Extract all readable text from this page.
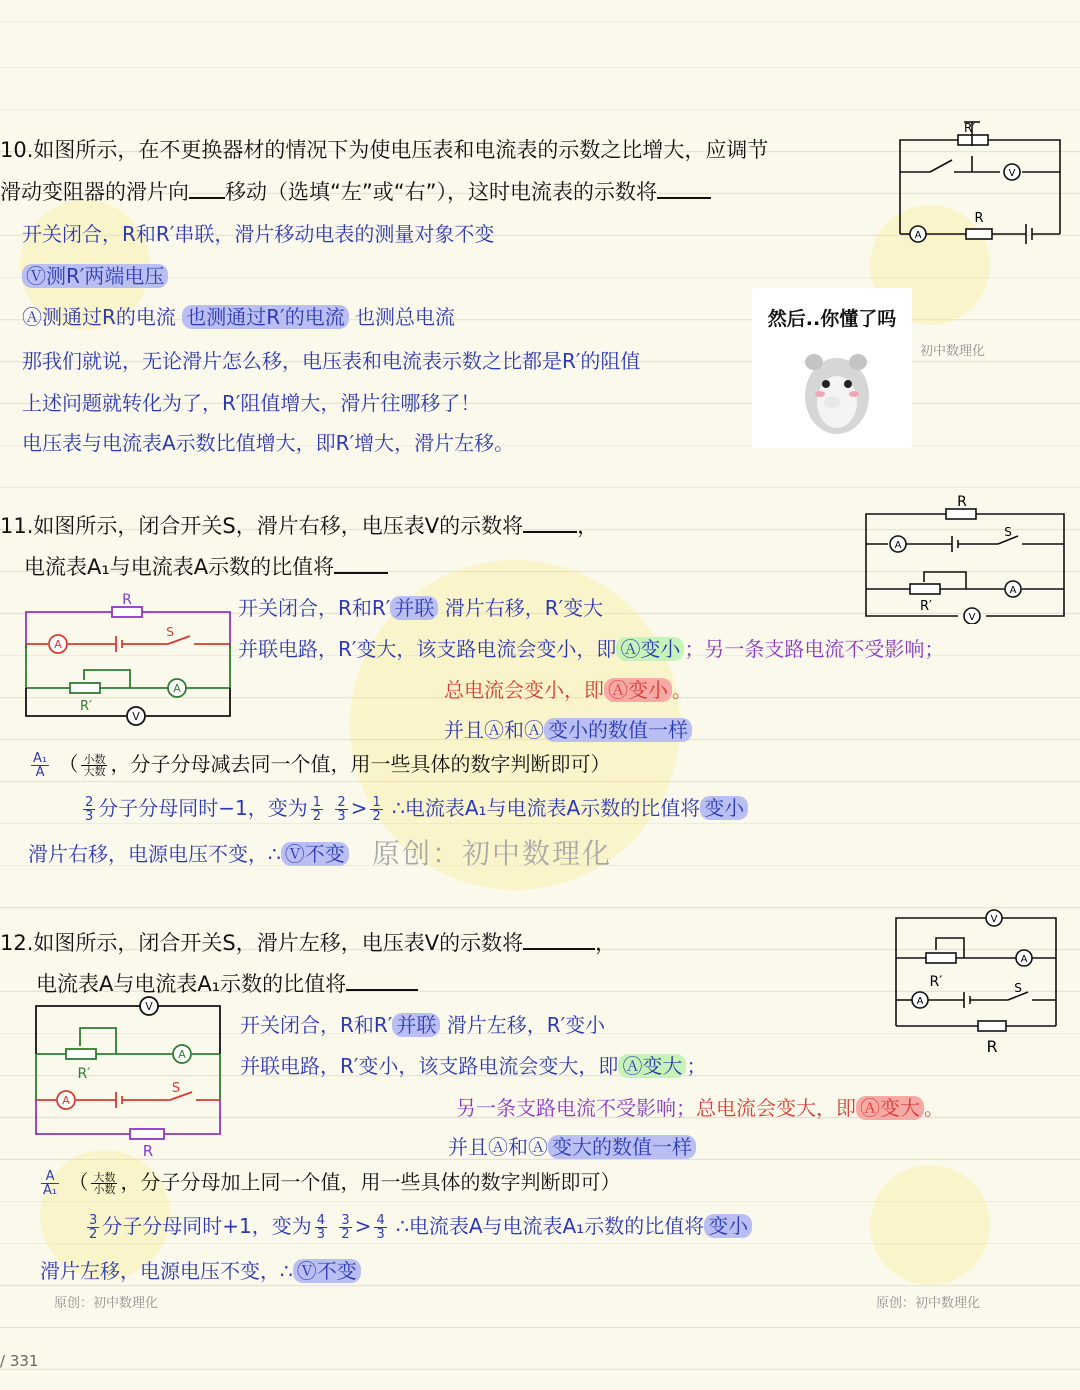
10.如图所示，在不更换器材的情况下为使电压表和电流表的示数之比增大，应调节
滑动变阻器的滑片向 移动（选填“左”或“右”），这时电流表的示数将
开关闭合，R和R′串联，滑片移动电表的测量对象不变
Ⓥ测R′两端电压
Ⓐ测通过R的电流 也测通过R′的电流 也测总电流
那我们就说，无论滑片怎么移，电压表和电流表示数之比都是R′的阻值
上述问题就转化为了，R′阻值增大，滑片往哪移了！
电压表与电流表A示数比值增大，即R′增大，滑片左移。
V
A
R
R′
然后..你懂了吗
初中数理化
11.如图所示，闭合开关S，滑片右移，电压表V的示数将	，
电流表A₁与电流表A示数的比值将
A
A
V
R
S
R′
A
A
V
R
S
R′
开关闭合，R和R′ 并联 滑片右移，R′变大
并联电路，R′变大，该支路电流会变小，即 Ⓐ变小 ；另一条支路电流不受影响；
总电流会变小，即 Ⓐ变小 。
并且Ⓐ和Ⓐ 变小的数值一样
$\frac{\text{A₁}}{A}$ （ $\frac{\text{小数}}{\text{大数}}$ ，分子分母减去同一个值，用一些具体的数字判断即可）
$\frac{2}{3}$ 分子分母同时−1，变为 $\frac{1}{2}$
$\frac{2}{3} > \frac{1}{2}$ ∴电流表A₁与电流表A示数的比值将 变小
滑片右移，电源电压不变，∴ Ⓥ不变 原创：初中数理化
12.如图所示，闭合开关S，滑片左移，电压表V的示数将	，
电流表A与电流表A₁示数的比值将
V
A
A
R′	S
R
V
A
A
R′
S
R
开关闭合，R和R′ 并联 滑片左移，R′变小
并联电路，R′变小，该支路电流会变大，即 Ⓐ变大 ；
另一条支路电流不受影响；总电流会变大，即 Ⓐ变大 。
并且Ⓐ和Ⓐ 变大的数值一样
$\frac{A}{\text{A₁}}$ （ $\frac{\text{大数}}{\text{小数}}$ ，分子分母加上同一个值，用一些具体的数字判断即可）
$\frac{3}{2}$ 分子分母同时+1，变为 $\frac{4}{3}$
$\frac{3}{2} > \frac{4}{3}$ ∴电流表A与电流表A₁示数的比值将 变小
滑片左移，电源电压不变，∴ Ⓥ不变
原创：初中数理化	原创：初中数理化
/ 331
